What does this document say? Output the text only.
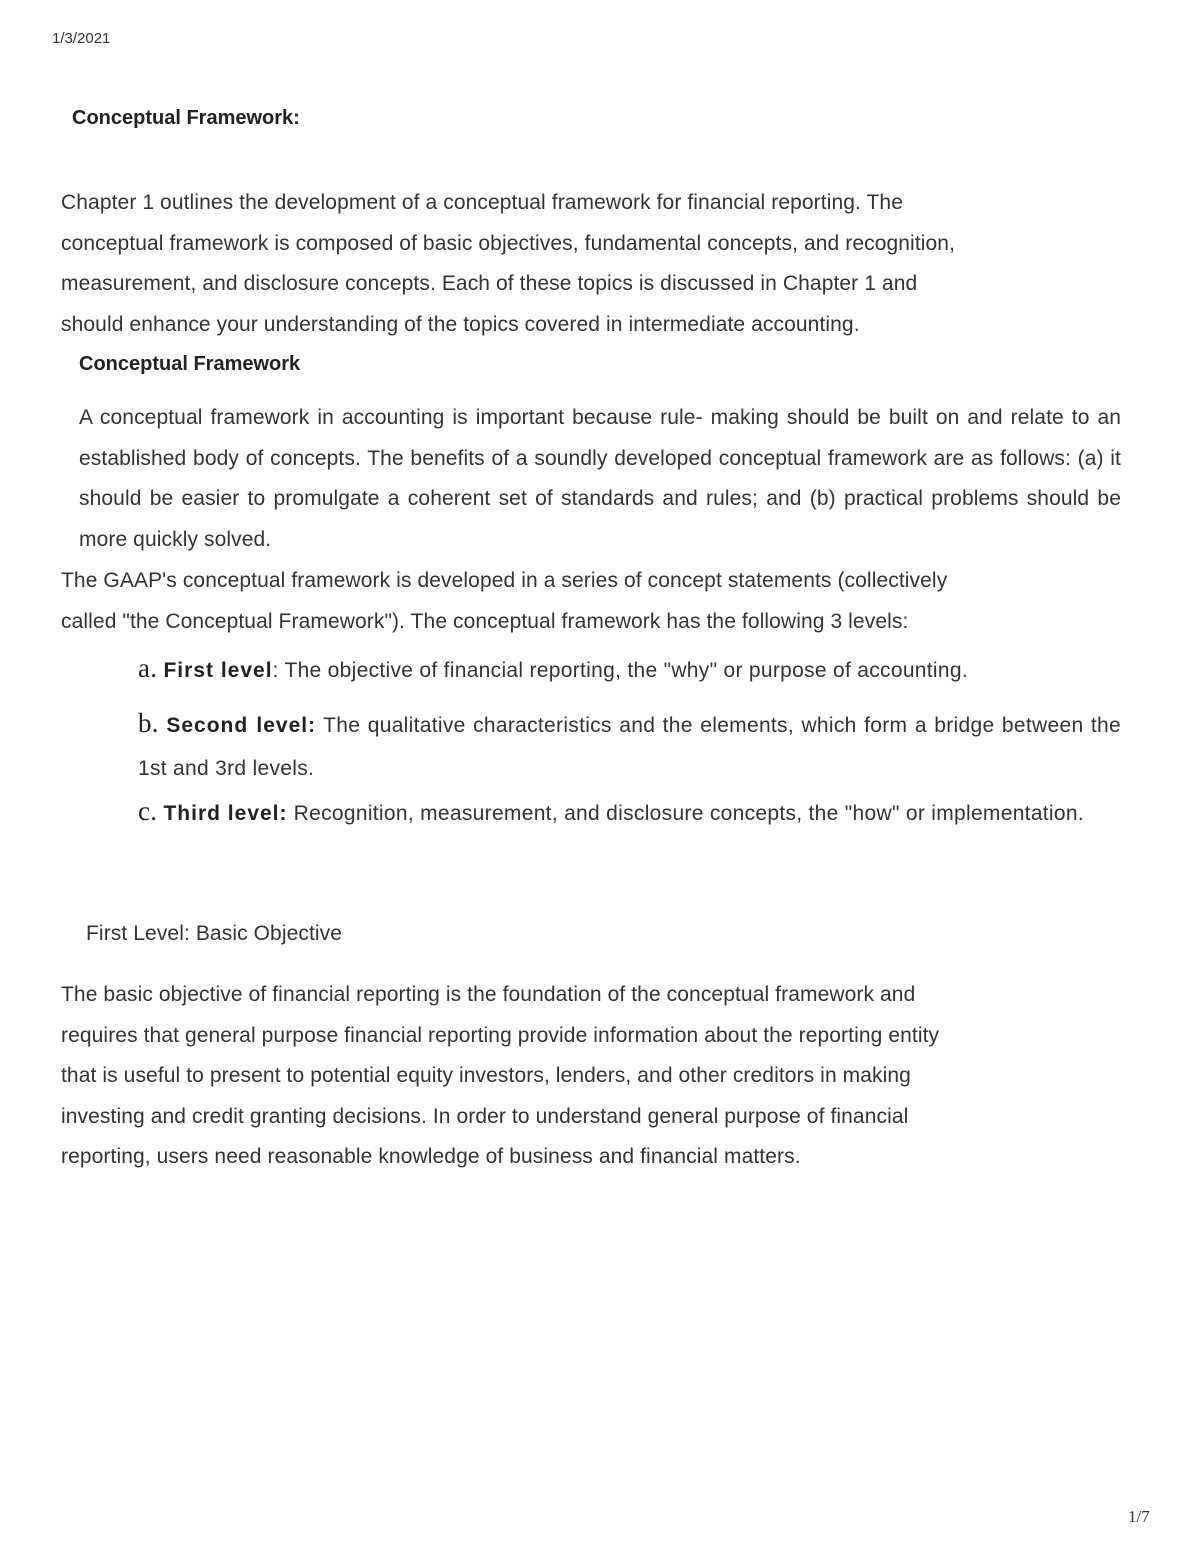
1/3/2021
Conceptual Framework:
Chapter 1 outlines the development of a conceptual framework for financial reporting. The
conceptual framework is composed of basic objectives, fundamental concepts, and recognition,
measurement, and disclosure concepts. Each of these topics is discussed in Chapter 1 and
should enhance your understanding of the topics covered in intermediate accounting.
Conceptual Framework
A conceptual framework in accounting is important because rule- making should be built on and relate to an established body of concepts. The benefits of a soundly developed conceptual framework are as follows: (a) it should be easier to promulgate a coherent set of standards and rules; and (b) practical problems should be more quickly solved.
The GAAP's conceptual framework is developed in a series of concept statements (collectively
called "the Conceptual Framework"). The conceptual framework has the following 3 levels:
a. First level: The objective of financial reporting, the "why" or purpose of accounting.
b. Second level: The qualitative characteristics and the elements, which form a bridge between the 1st and 3rd levels.
c. Third level: Recognition, measurement, and disclosure concepts, the "how" or implementation.
First Level: Basic Objective
The basic objective of financial reporting is the foundation of the conceptual framework and
requires that general purpose financial reporting provide information about the reporting entity
that is useful to present to potential equity investors, lenders, and other creditors in making
investing and credit granting decisions. In order to understand general purpose of financial
reporting, users need reasonable knowledge of business and financial matters.
1/7
